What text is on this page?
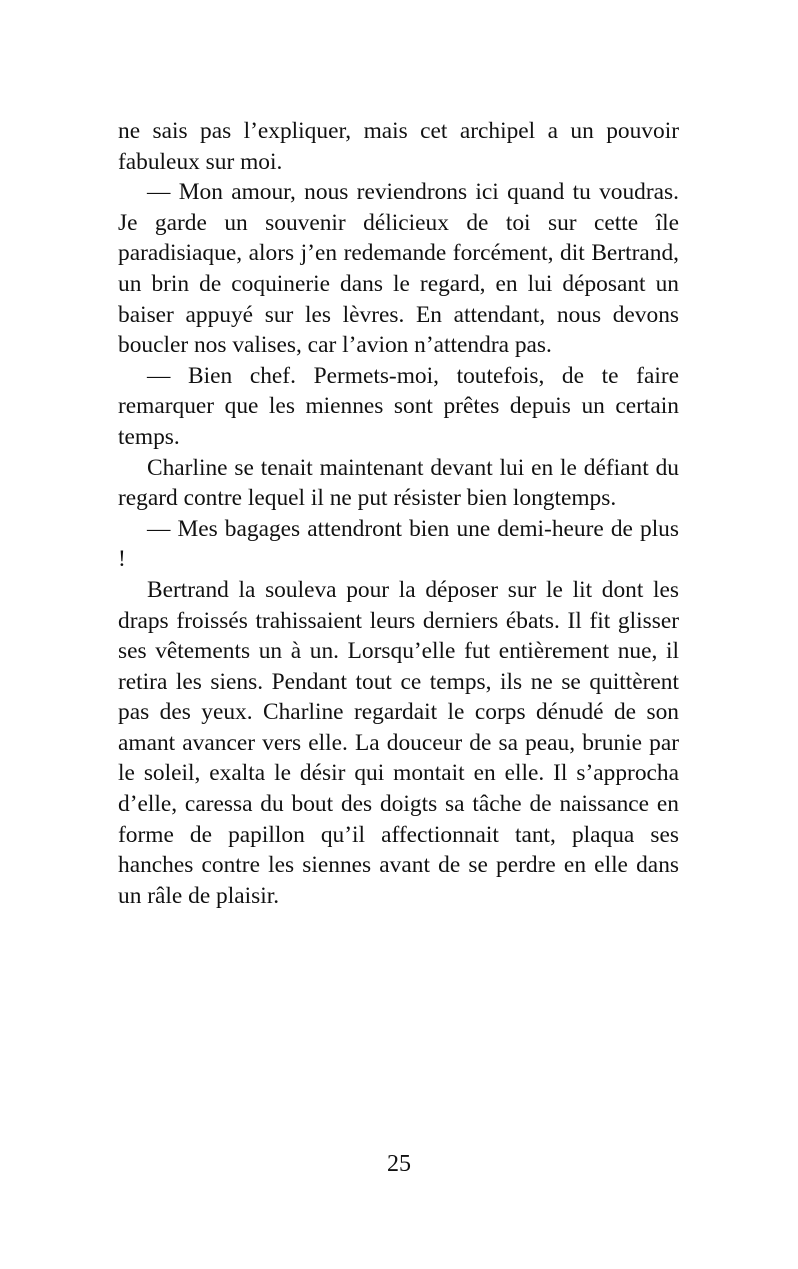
ne sais pas l’expliquer, mais cet archipel a un pouvoir fabuleux sur moi.

— Mon amour, nous reviendrons ici quand tu voudras. Je garde un souvenir délicieux de toi sur cette île paradisiaque, alors j’en redemande forcément, dit Bertrand, un brin de coquinerie dans le regard, en lui déposant un baiser appuyé sur les lèvres. En attendant, nous devons boucler nos valises, car l’avion n’attendra pas.

— Bien chef. Permets-moi, toutefois, de te faire remarquer que les miennes sont prêtes depuis un certain temps.

Charline se tenait maintenant devant lui en le défiant du regard contre lequel il ne put résister bien longtemps.

— Mes bagages attendront bien une demi-heure de plus !

Bertrand la souleva pour la déposer sur le lit dont les draps froissés trahissaient leurs derniers ébats. Il fit glisser ses vêtements un à un. Lorsqu’elle fut entièrement nue, il retira les siens. Pendant tout ce temps, ils ne se quittèrent pas des yeux. Charline regardait le corps dénudé de son amant avancer vers elle. La douceur de sa peau, brunie par le soleil, exalta le désir qui montait en elle. Il s’approcha d’elle, caressa du bout des doigts sa tâche de naissance en forme de papillon qu’il affectionnait tant, plaqua ses hanches contre les siennes avant de se perdre en elle dans un râle de plaisir.

25
